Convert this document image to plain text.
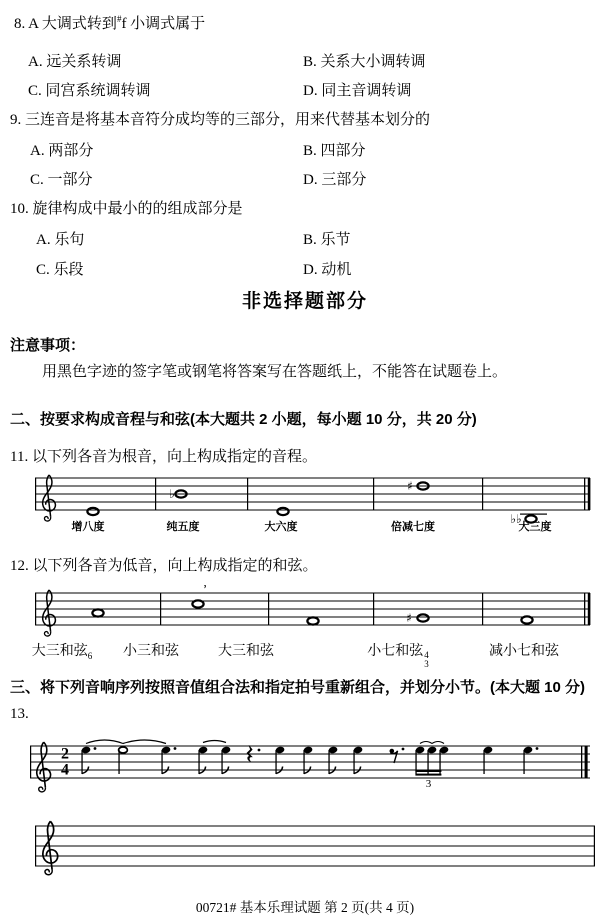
8. A 大调式转到#f 小调式属于
A. 远关系转调	B. 关系大小调转调
C. 同宫系统调转调	D. 同主音调转调
9. 三连音是将基本音符分成均等的三部分，用来代替基本划分的
A. 两部分	B. 四部分
C. 一部分	D. 三部分
10. 旋律构成中最小的的组成部分是
A. 乐句	B. 乐节
C. 乐段	D. 动机
非选择题部分
注意事项：
用黑色字迹的签字笔或钢笔将答案写在答题纸上，不能答在试题卷上。
二、按要求构成音程与和弦(本大题共 2 小题，每小题 10 分，共 20 分)
11. 以下列各音为根音，向上构成指定的音程。
♭
♯
♭♭
增八度	纯五度	大六度	倍减七度	大三度
12. 以下列各音为低音，向上构成指定的和弦。
’
♯
大三和弦$_6$	小三和弦	大三和弦	小七和弦 4
3
减小七和弦
三、将下列音响序列按照音值组合法和指定拍号重新组合，并划分小节。(本大题 10 分)
13.
2
4
3
00721# 基本乐理试题 第 2 页(共 4 页)
